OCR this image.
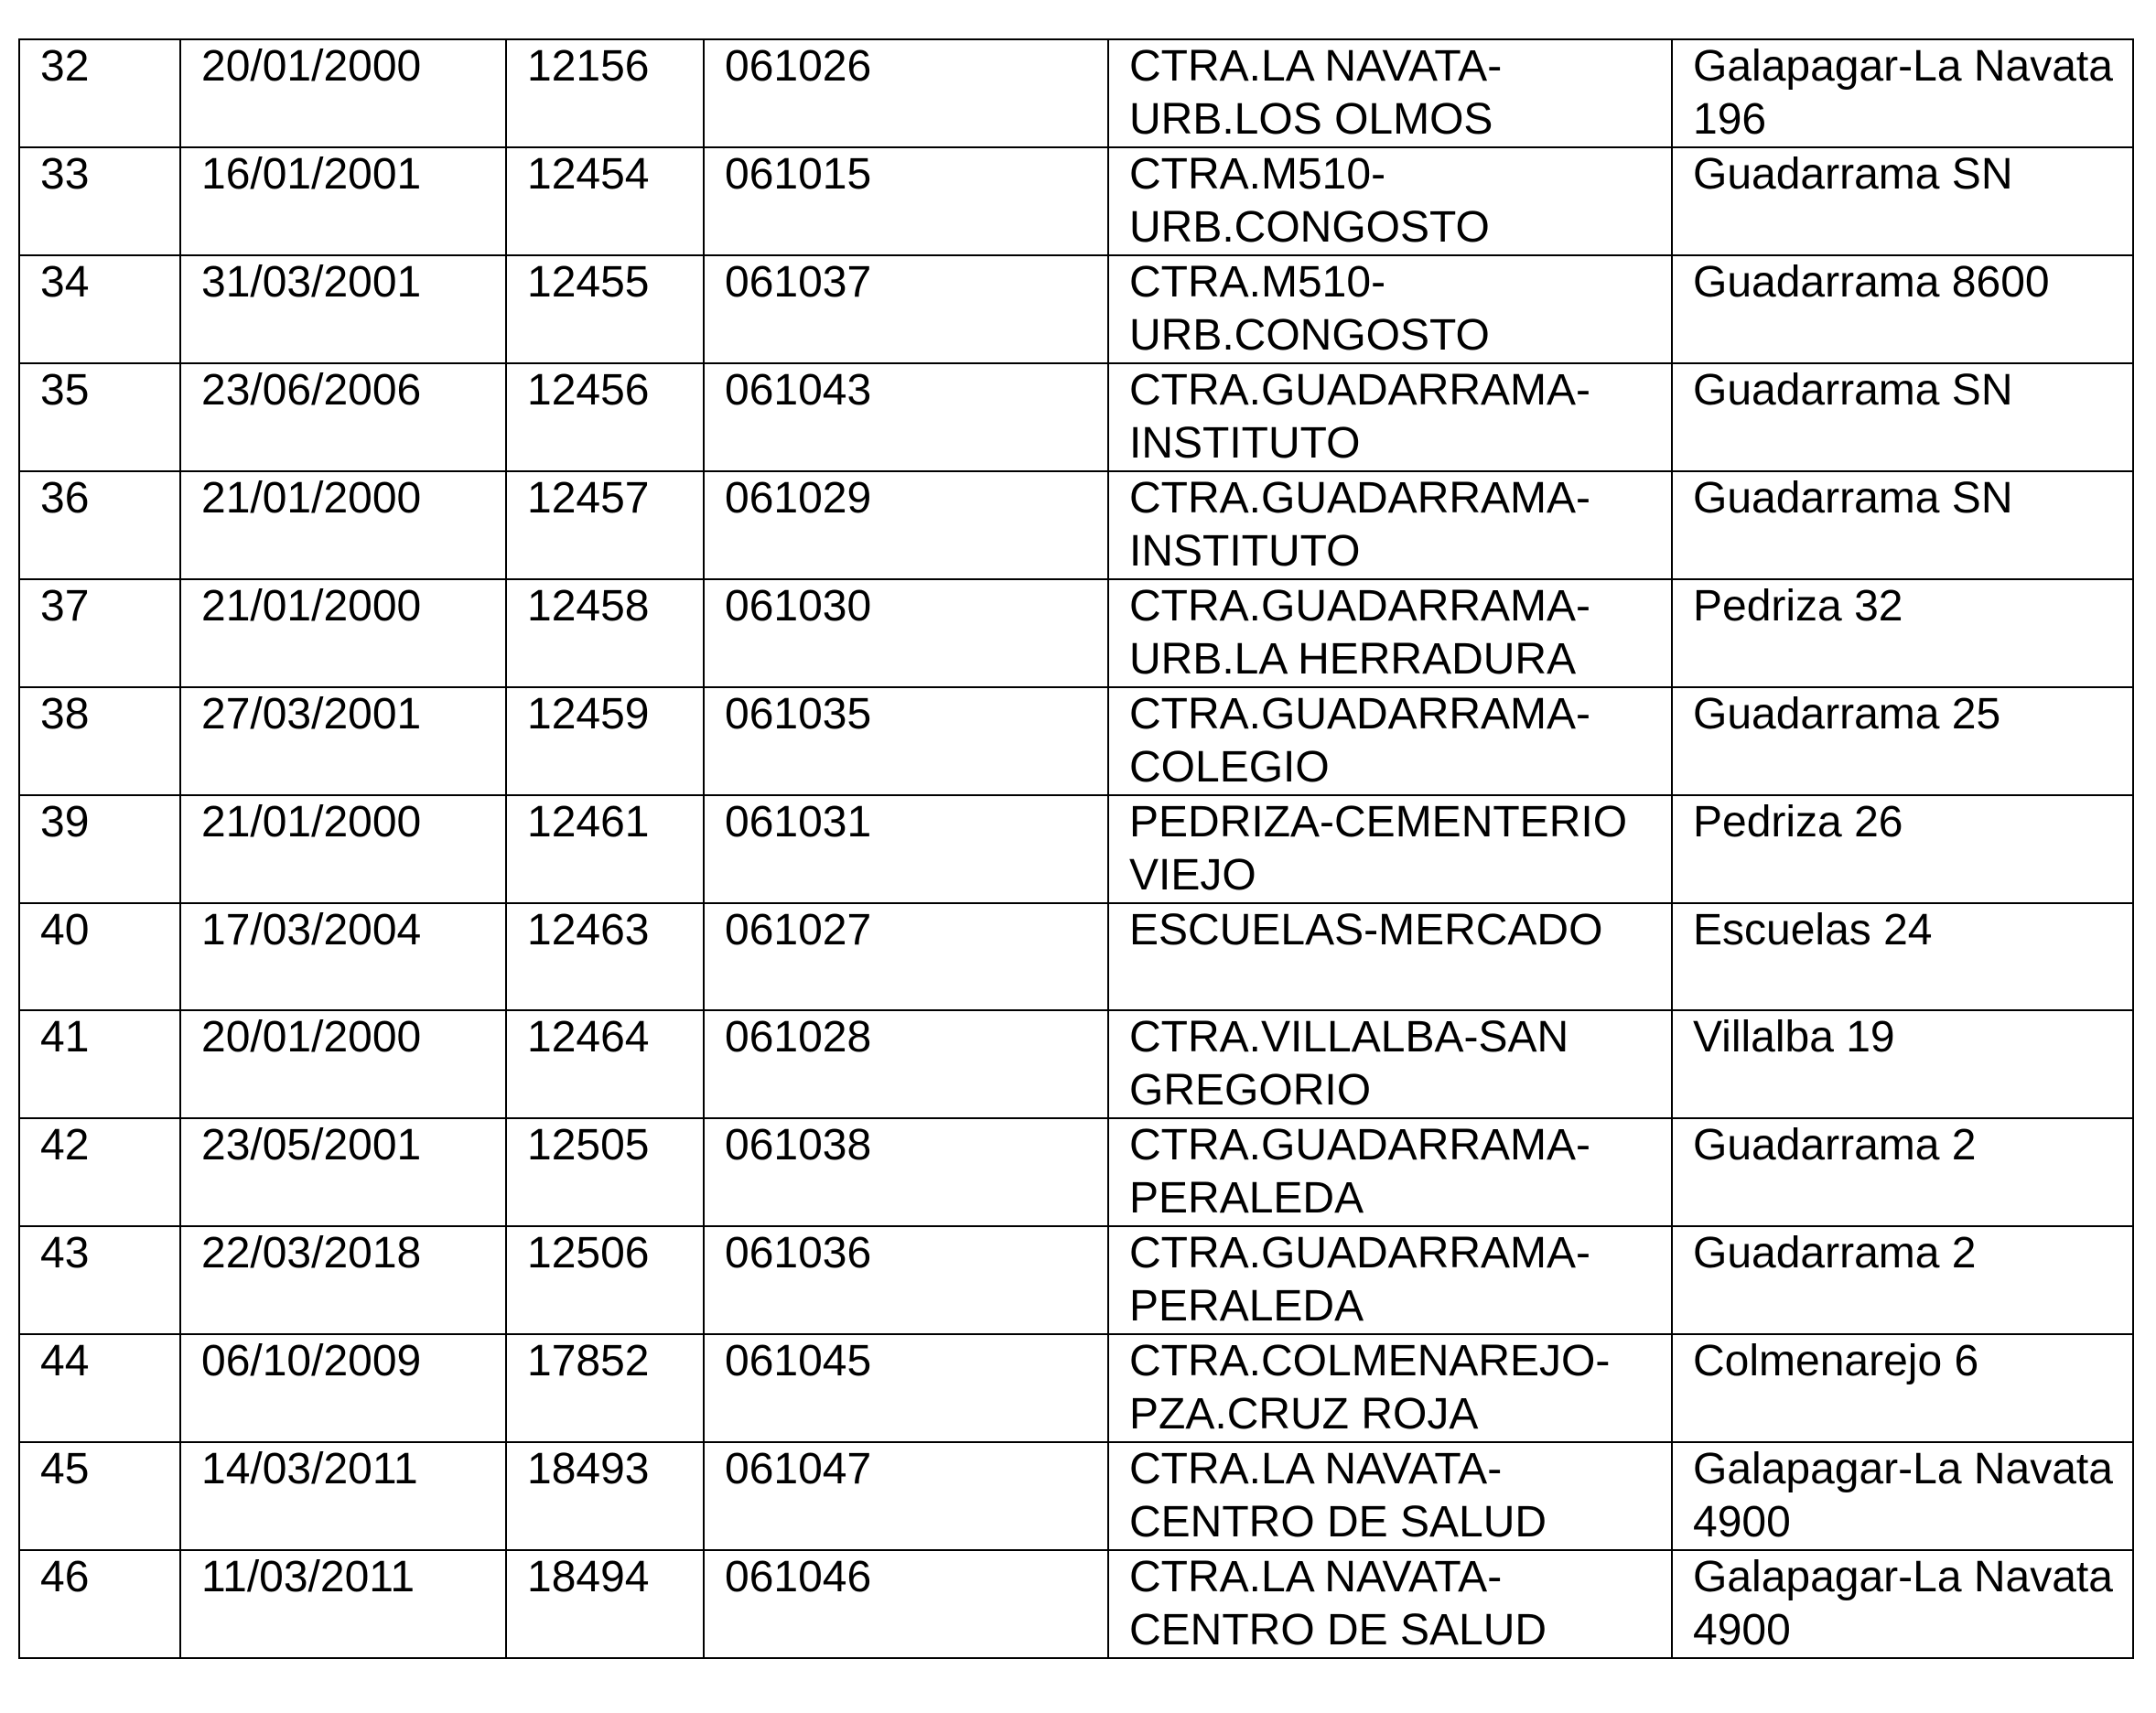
32	20/01/2000	12156	061026	CTRA.LA NAVATA-URB.LOS OLMOS	Galapagar-La Navata 196
33	16/01/2001	12454	061015	CTRA.M510-URB.CONGOSTO	Guadarrama SN
34	31/03/2001	12455	061037	CTRA.M510-URB.CONGOSTO	Guadarrama 8600
35	23/06/2006	12456	061043	CTRA.GUADARRAMA-INSTITUTO	Guadarrama SN
36	21/01/2000	12457	061029	CTRA.GUADARRAMA-INSTITUTO	Guadarrama SN
37	21/01/2000	12458	061030	CTRA.GUADARRAMA-URB.LA HERRADURA	Pedriza 32
38	27/03/2001	12459	061035	CTRA.GUADARRAMA-COLEGIO	Guadarrama 25
39	21/01/2000	12461	061031	PEDRIZA-CEMENTERIO VIEJO	Pedriza 26
40	17/03/2004	12463	061027	ESCUELAS-MERCADO	Escuelas 24
41	20/01/2000	12464	061028	CTRA.VILLALBA-SAN GREGORIO	Villalba 19
42	23/05/2001	12505	061038	CTRA.GUADARRAMA-PERALEDA	Guadarrama 2
43	22/03/2018	12506	061036	CTRA.GUADARRAMA-PERALEDA	Guadarrama 2
44	06/10/2009	17852	061045	CTRA.COLMENAREJO-PZA.CRUZ ROJA	Colmenarejo 6
45	14/03/2011	18493	061047	CTRA.LA NAVATA-CENTRO DE SALUD	Galapagar-La Navata 4900
46	11/03/2011	18494	061046	CTRA.LA NAVATA-CENTRO DE SALUD	Galapagar-La Navata 4900
